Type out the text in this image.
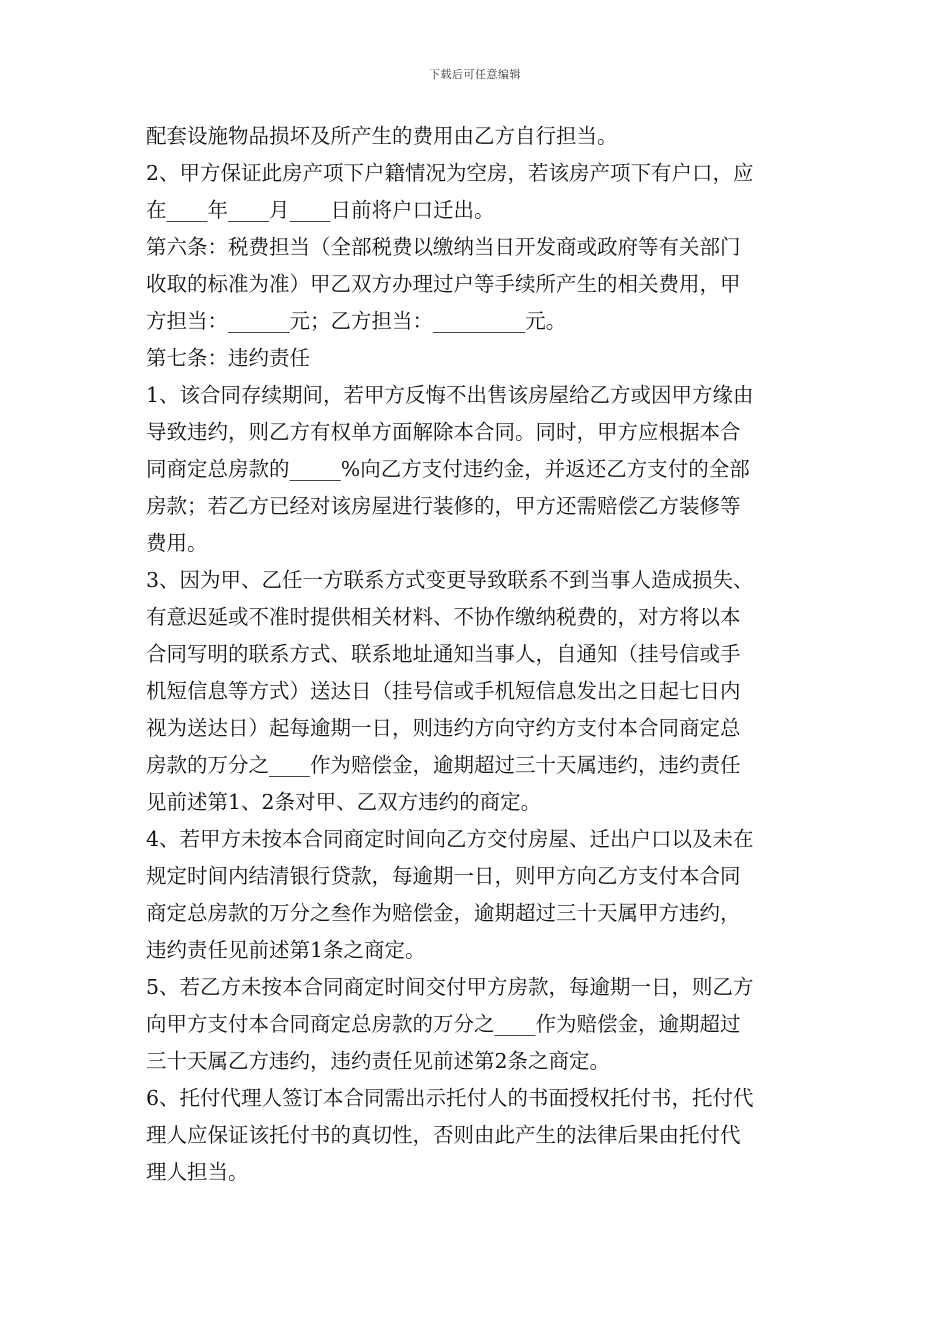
下载后可任意编辑
配套设施物品损坏及所产生的费用由乙方自行担当。
2、甲方保证此房产项下户籍情况为空房，若该房产项下有户口，应
在____年____月____日前将户口迁出。
第六条：税费担当（全部税费以缴纳当日开发商或政府等有关部门
收取的标准为准）甲乙双方办理过户等手续所产生的相关费用，甲
方担当：______元；乙方担当：_________元。
第七条：违约责任
1、该合同存续期间，若甲方反悔不出售该房屋给乙方或因甲方缘由
导致违约，则乙方有权单方面解除本合同。同时，甲方应根据本合
同商定总房款的_____%向乙方支付违约金，并返还乙方支付的全部
房款；若乙方已经对该房屋进行装修的，甲方还需赔偿乙方装修等
费用。
3、因为甲、乙任一方联系方式变更导致联系不到当事人造成损失、
有意迟延或不准时提供相关材料、不协作缴纳税费的，对方将以本
合同写明的联系方式、联系地址通知当事人，自通知（挂号信或手
机短信息等方式）送达日（挂号信或手机短信息发出之日起七日内
视为送达日）起每逾期一日，则违约方向守约方支付本合同商定总
房款的万分之____作为赔偿金，逾期超过三十天属违约，违约责任
见前述第1、2条对甲、乙双方违约的商定。
4、若甲方未按本合同商定时间向乙方交付房屋、迁出户口以及未在
规定时间内结清银行贷款，每逾期一日，则甲方向乙方支付本合同
商定总房款的万分之叁作为赔偿金，逾期超过三十天属甲方违约，
违约责任见前述第1条之商定。
5、若乙方未按本合同商定时间交付甲方房款，每逾期一日，则乙方
向甲方支付本合同商定总房款的万分之____作为赔偿金，逾期超过
三十天属乙方违约，违约责任见前述第2条之商定。
6、托付代理人签订本合同需出示托付人的书面授权托付书，托付代
理人应保证该托付书的真切性，否则由此产生的法律后果由托付代
理人担当。
